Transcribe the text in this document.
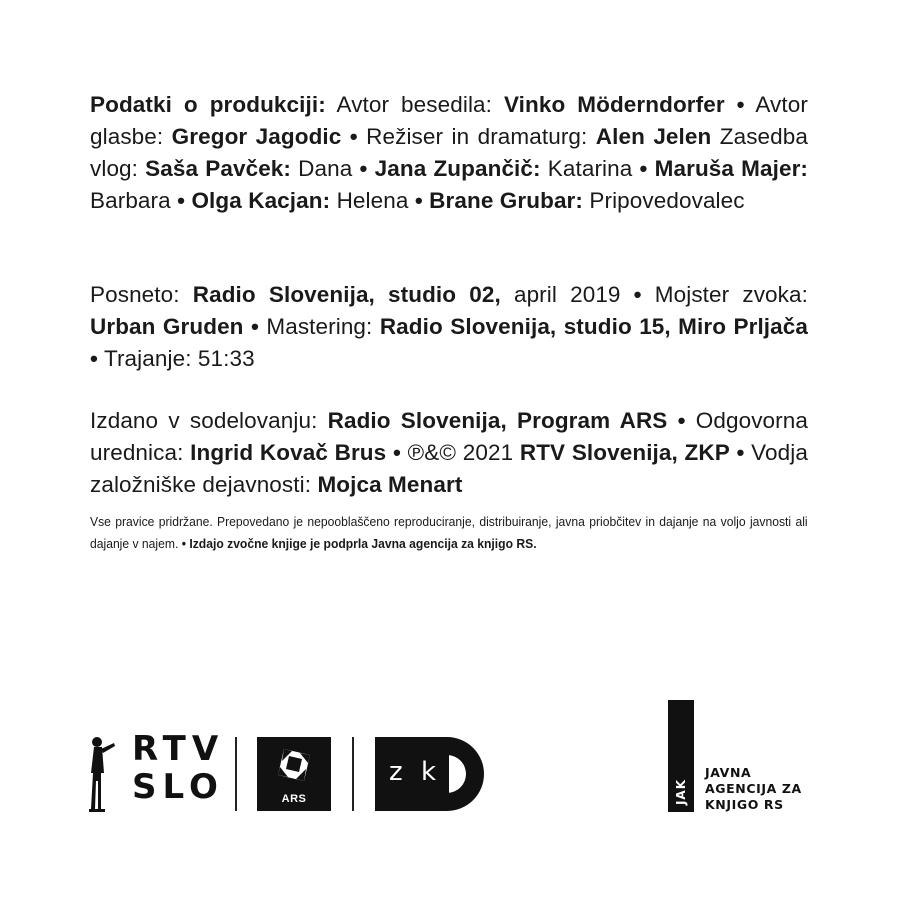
Podatki o produkciji: Avtor besedila: Vinko Möderndorfer • Avtor glasbe: Gregor Jagodic • Režiser in dramaturg: Alen Jelen Zasedba vlog: Saša Pavček: Dana • Jana Zupančič: Katarina • Maruša Majer: Barbara • Olga Kacjan: Helena • Brane Grubar: Pripovedovalec
Posneto: Radio Slovenija, studio 02, april 2019 • Mojster zvoka: Urban Gruden • Mastering: Radio Slovenija, studio 15, Miro Prljača • Trajanje: 51:33
Izdano v sodelovanju: Radio Slovenija, Program ARS • Odgovorna urednica: Ingrid Kovač Brus • ℗&© 2021 RTV Slovenija, ZKP • Vodja založniške dejavnosti: Mojca Menart
Vse pravice pridržane. Prepovedano je nepooblaščeno reproduciranje, distribuiranje, javna priobčitev in dajanje na voljo javnosti ali dajanje v najem. • Izdajo zvočne knjige je podprla Javna agencija za knjigo RS.
RTV
SLO	ARS
z k
JAK
JAVNA
AGENCIJA ZA
KNJIGO RS
